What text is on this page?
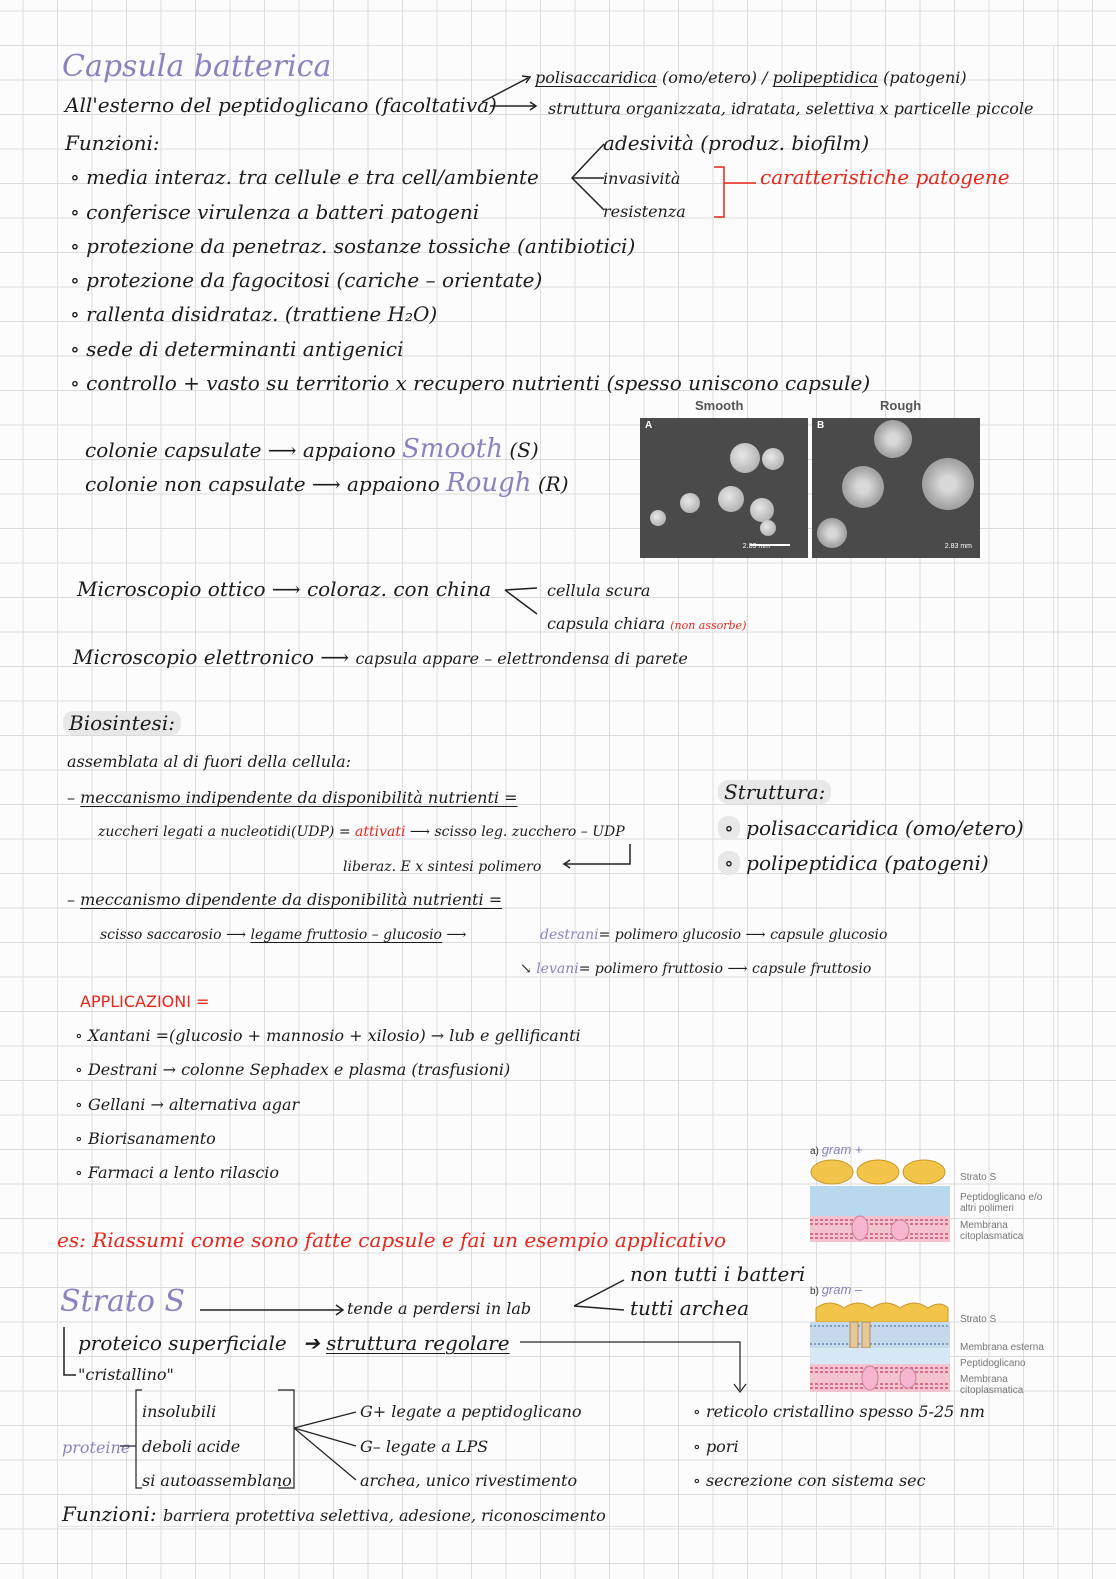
Capsula batterica
All'esterno del peptidoglicano (facoltativa)
polisaccaridica (omo/etero) / polipeptidica (patogeni)
struttura organizzata, idratata, selettiva x particelle piccole
Funzioni:
∘ media interaz. tra cellule e tra cell/ambiente
∘ conferisce virulenza a batteri patogeni
∘ protezione da penetraz. sostanze tossiche (antibiotici)
∘ protezione da fagocitosi (cariche – orientate)
∘ rallenta disidrataz. (trattiene H₂O)
∘ sede di determinanti antigenici
∘ controllo + vasto su territorio x recupero nutrienti (spesso uniscono capsule)
adesività (produz. biofilm)
invasività
resistenza
caratteristiche patogene
colonie capsulate ⟶ appaiono Smooth (S)
colonie non capsulate ⟶ appaiono Rough (R)
Smooth	Rough
A
2.83 mm
B
2.83 mm
Microscopio ottico ⟶ coloraz. con china	cellula scura
capsula chiara (non assorbe)
Microscopio elettronico ⟶ capsula appare – elettrondensa di parete
Biosintesi:
assemblata al di fuori della cellula:
– meccanismo indipendente da disponibilità nutrienti =
zuccheri legati a nucleotidi(UDP) = attivati ⟶ scisso leg. zucchero – UDP
liberaz. E x sintesi polimero
– meccanismo dipendente da disponibilità nutrienti =
scisso saccarosio ⟶ legame fruttosio – glucosio ⟶	destrani= polimero glucosio ⟶ capsule glucosio
↘ levani= polimero fruttosio ⟶ capsule fruttosio
Struttura:
∘ polisaccaridica (omo/etero)
∘ polipeptidica (patogeni)
APPLICAZIONI =
∘ Xantani =(glucosio + mannosio + xilosio) → lub e gellificanti
∘ Destrani → colonne Sephadex e plasma (trasfusioni)
∘ Gellani → alternativa agar
∘ Biorisanamento
∘ Farmaci a lento rilascio
es: Riassumi come sono fatte capsule e fai un esempio applicativo
a) gram +
Strato S
Peptidoglicano e/o altri polimeri
Membrana citoplasmatica
Strato S	tende a perdersi in lab
non tutti i batteri
tutti archea
proteico superficiale
"cristallino"
➔ struttura regolare
proteine
insolubili
deboli acide
si autoassemblano
G+ legate a peptidoglicano
G– legate a LPS
archea, unico rivestimento
∘ reticolo cristallino spesso 5-25 nm
∘ pori
∘ secrezione con sistema sec
Funzioni: barriera protettiva selettiva, adesione, riconoscimento
b) gram –
Strato S
Membrana esterna
Peptidoglicano
Membrana citoplasmatica
